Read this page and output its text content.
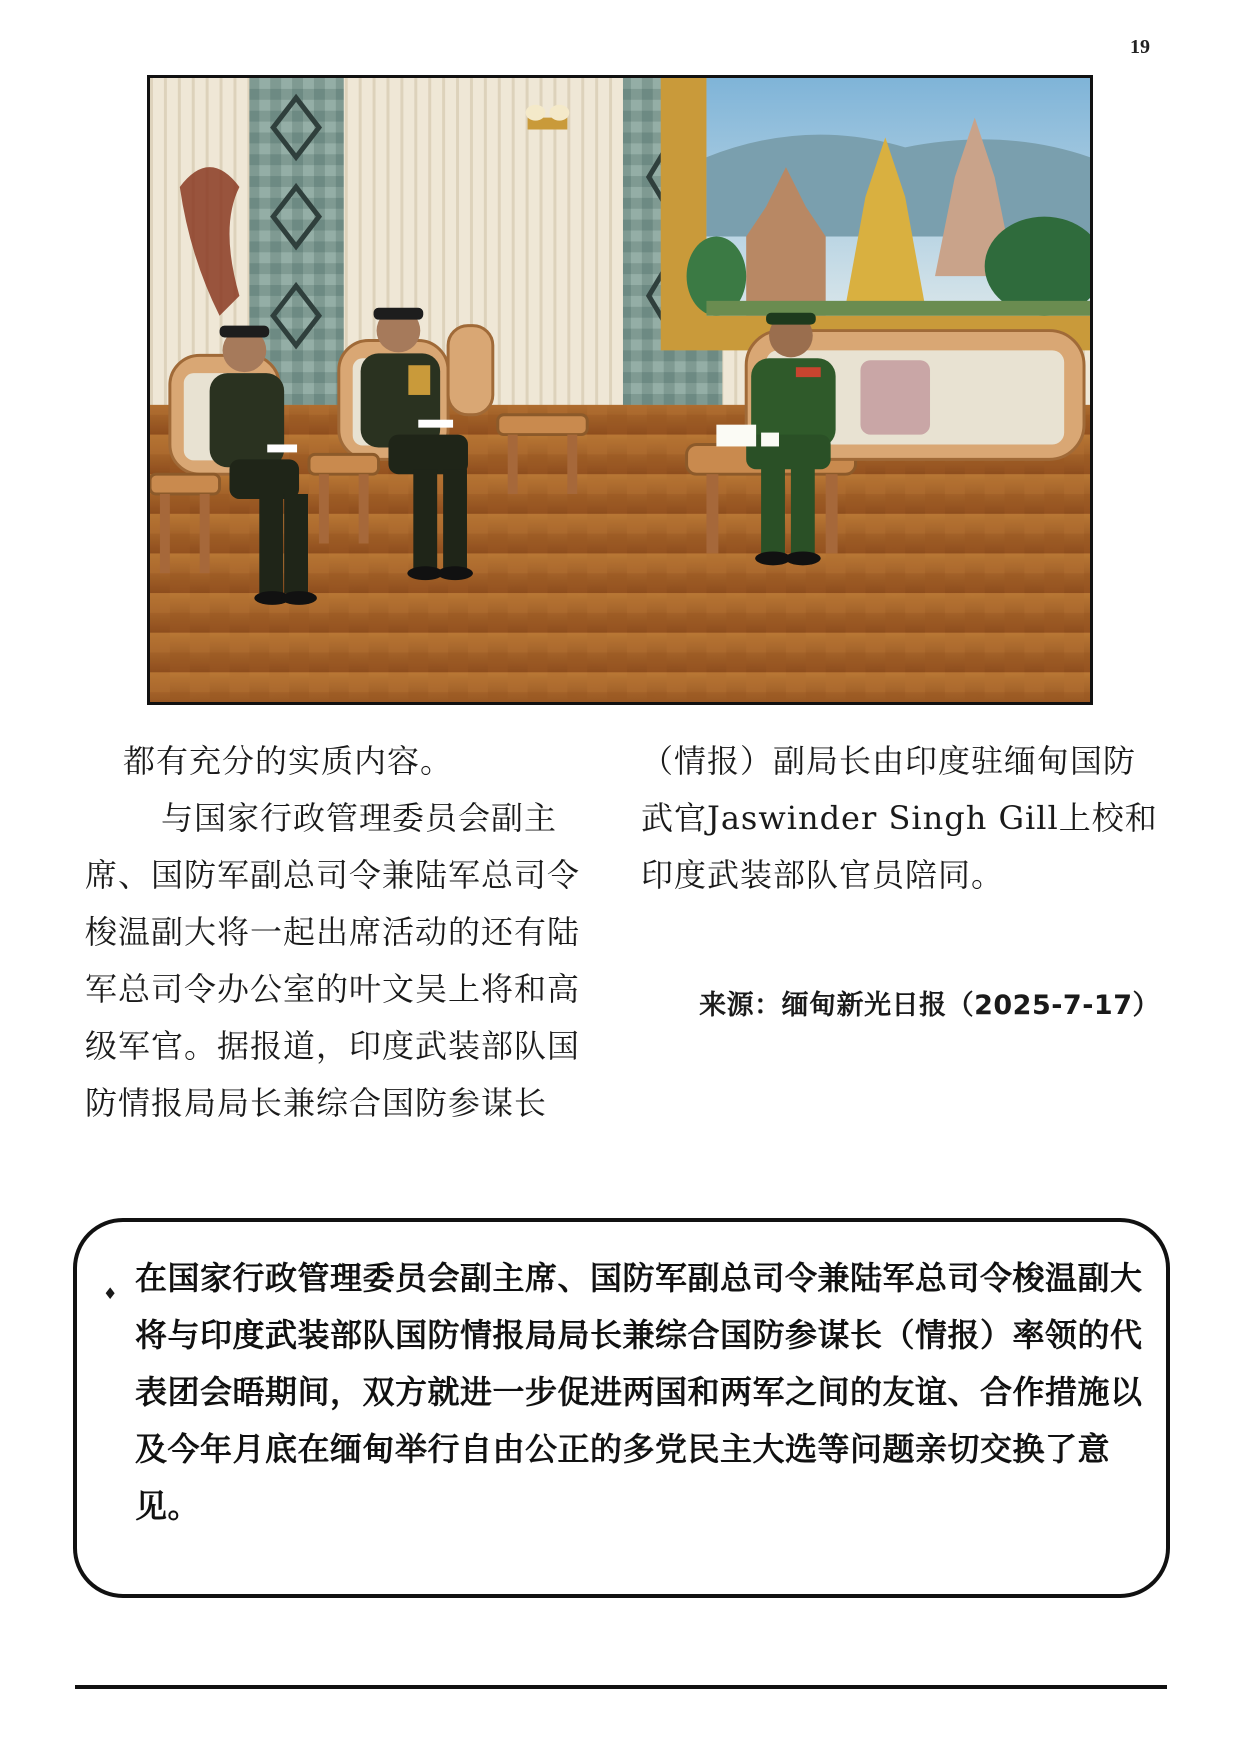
19

都有充分的实质内容。

与国家行政管理委员会副主席、国防军副总司令兼陆军总司令梭温副大将一起出席活动的还有陆军总司令办公室的叶文吴上将和高级军官。据报道，印度武装部队国防情报局局长兼综合国防参谋长

（情报）副局长由印度驻缅甸国防武官Jaswinder Singh Gill上校和印度武装部队官员陪同。

来源：缅甸新光日报（2025-7-17）
♦ 在国家行政管理委员会副主席、国防军副总司令兼陆军总司令梭温副大将与印度武装部队国防情报局局长兼综合国防参谋长（情报）率领的代表团会晤期间，双方就进一步促进两国和两军之间的友谊、合作措施以及今年月底在缅甸举行自由公正的多党民主大选等问题亲切交换了意见。
